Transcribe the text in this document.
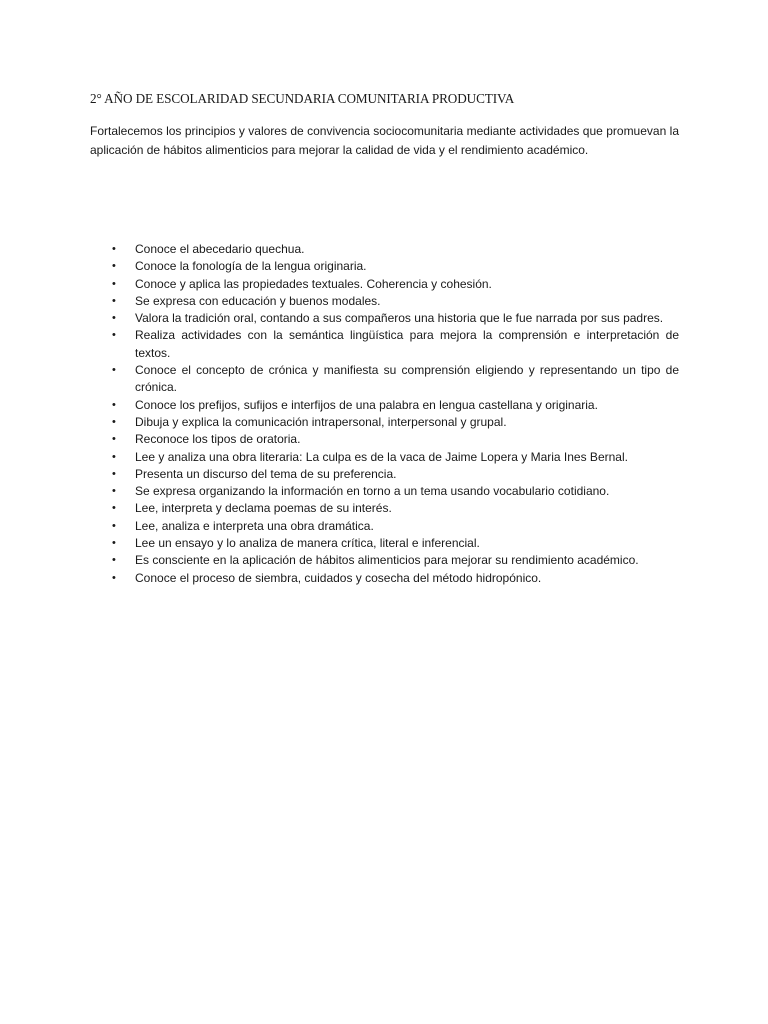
2° AÑO DE ESCOLARIDAD SECUNDARIA COMUNITARIA PRODUCTIVA
Fortalecemos los principios y valores de convivencia sociocomunitaria mediante actividades que promuevan la aplicación de hábitos alimenticios para mejorar la calidad de vida y el rendimiento académico.
•	Conoce el abecedario quechua.
•	Conoce la fonología de la lengua originaria.
•	Conoce y aplica las propiedades textuales. Coherencia y cohesión.
•	Se expresa con educación y buenos modales.
•	Valora la tradición oral, contando a sus compañeros una historia que le fue narrada por sus padres.
•	Realiza actividades con la semántica lingüística para mejora la comprensión e interpretación de textos.
•	Conoce el concepto de crónica y manifiesta su comprensión eligiendo y representando un tipo de crónica.
•	Conoce los prefijos, sufijos e interfijos de una palabra en lengua castellana y originaria.
•	Dibuja y explica la comunicación intrapersonal, interpersonal y grupal.
•	Reconoce los tipos de oratoria.
•	Lee y analiza una obra literaria: La culpa es de la vaca de Jaime Lopera y Maria Ines Bernal.
•	Presenta un discurso del tema de su preferencia.
•	Se expresa organizando la información en torno a un tema usando vocabulario cotidiano.
•	Lee, interpreta y declama poemas de su interés.
•	Lee, analiza e interpreta una obra dramática.
•	Lee un ensayo y lo analiza de manera crítica, literal e inferencial.
•	Es consciente en la aplicación de hábitos alimenticios para mejorar su rendimiento académico.
•	Conoce el proceso de siembra, cuidados y cosecha del método hidropónico.
